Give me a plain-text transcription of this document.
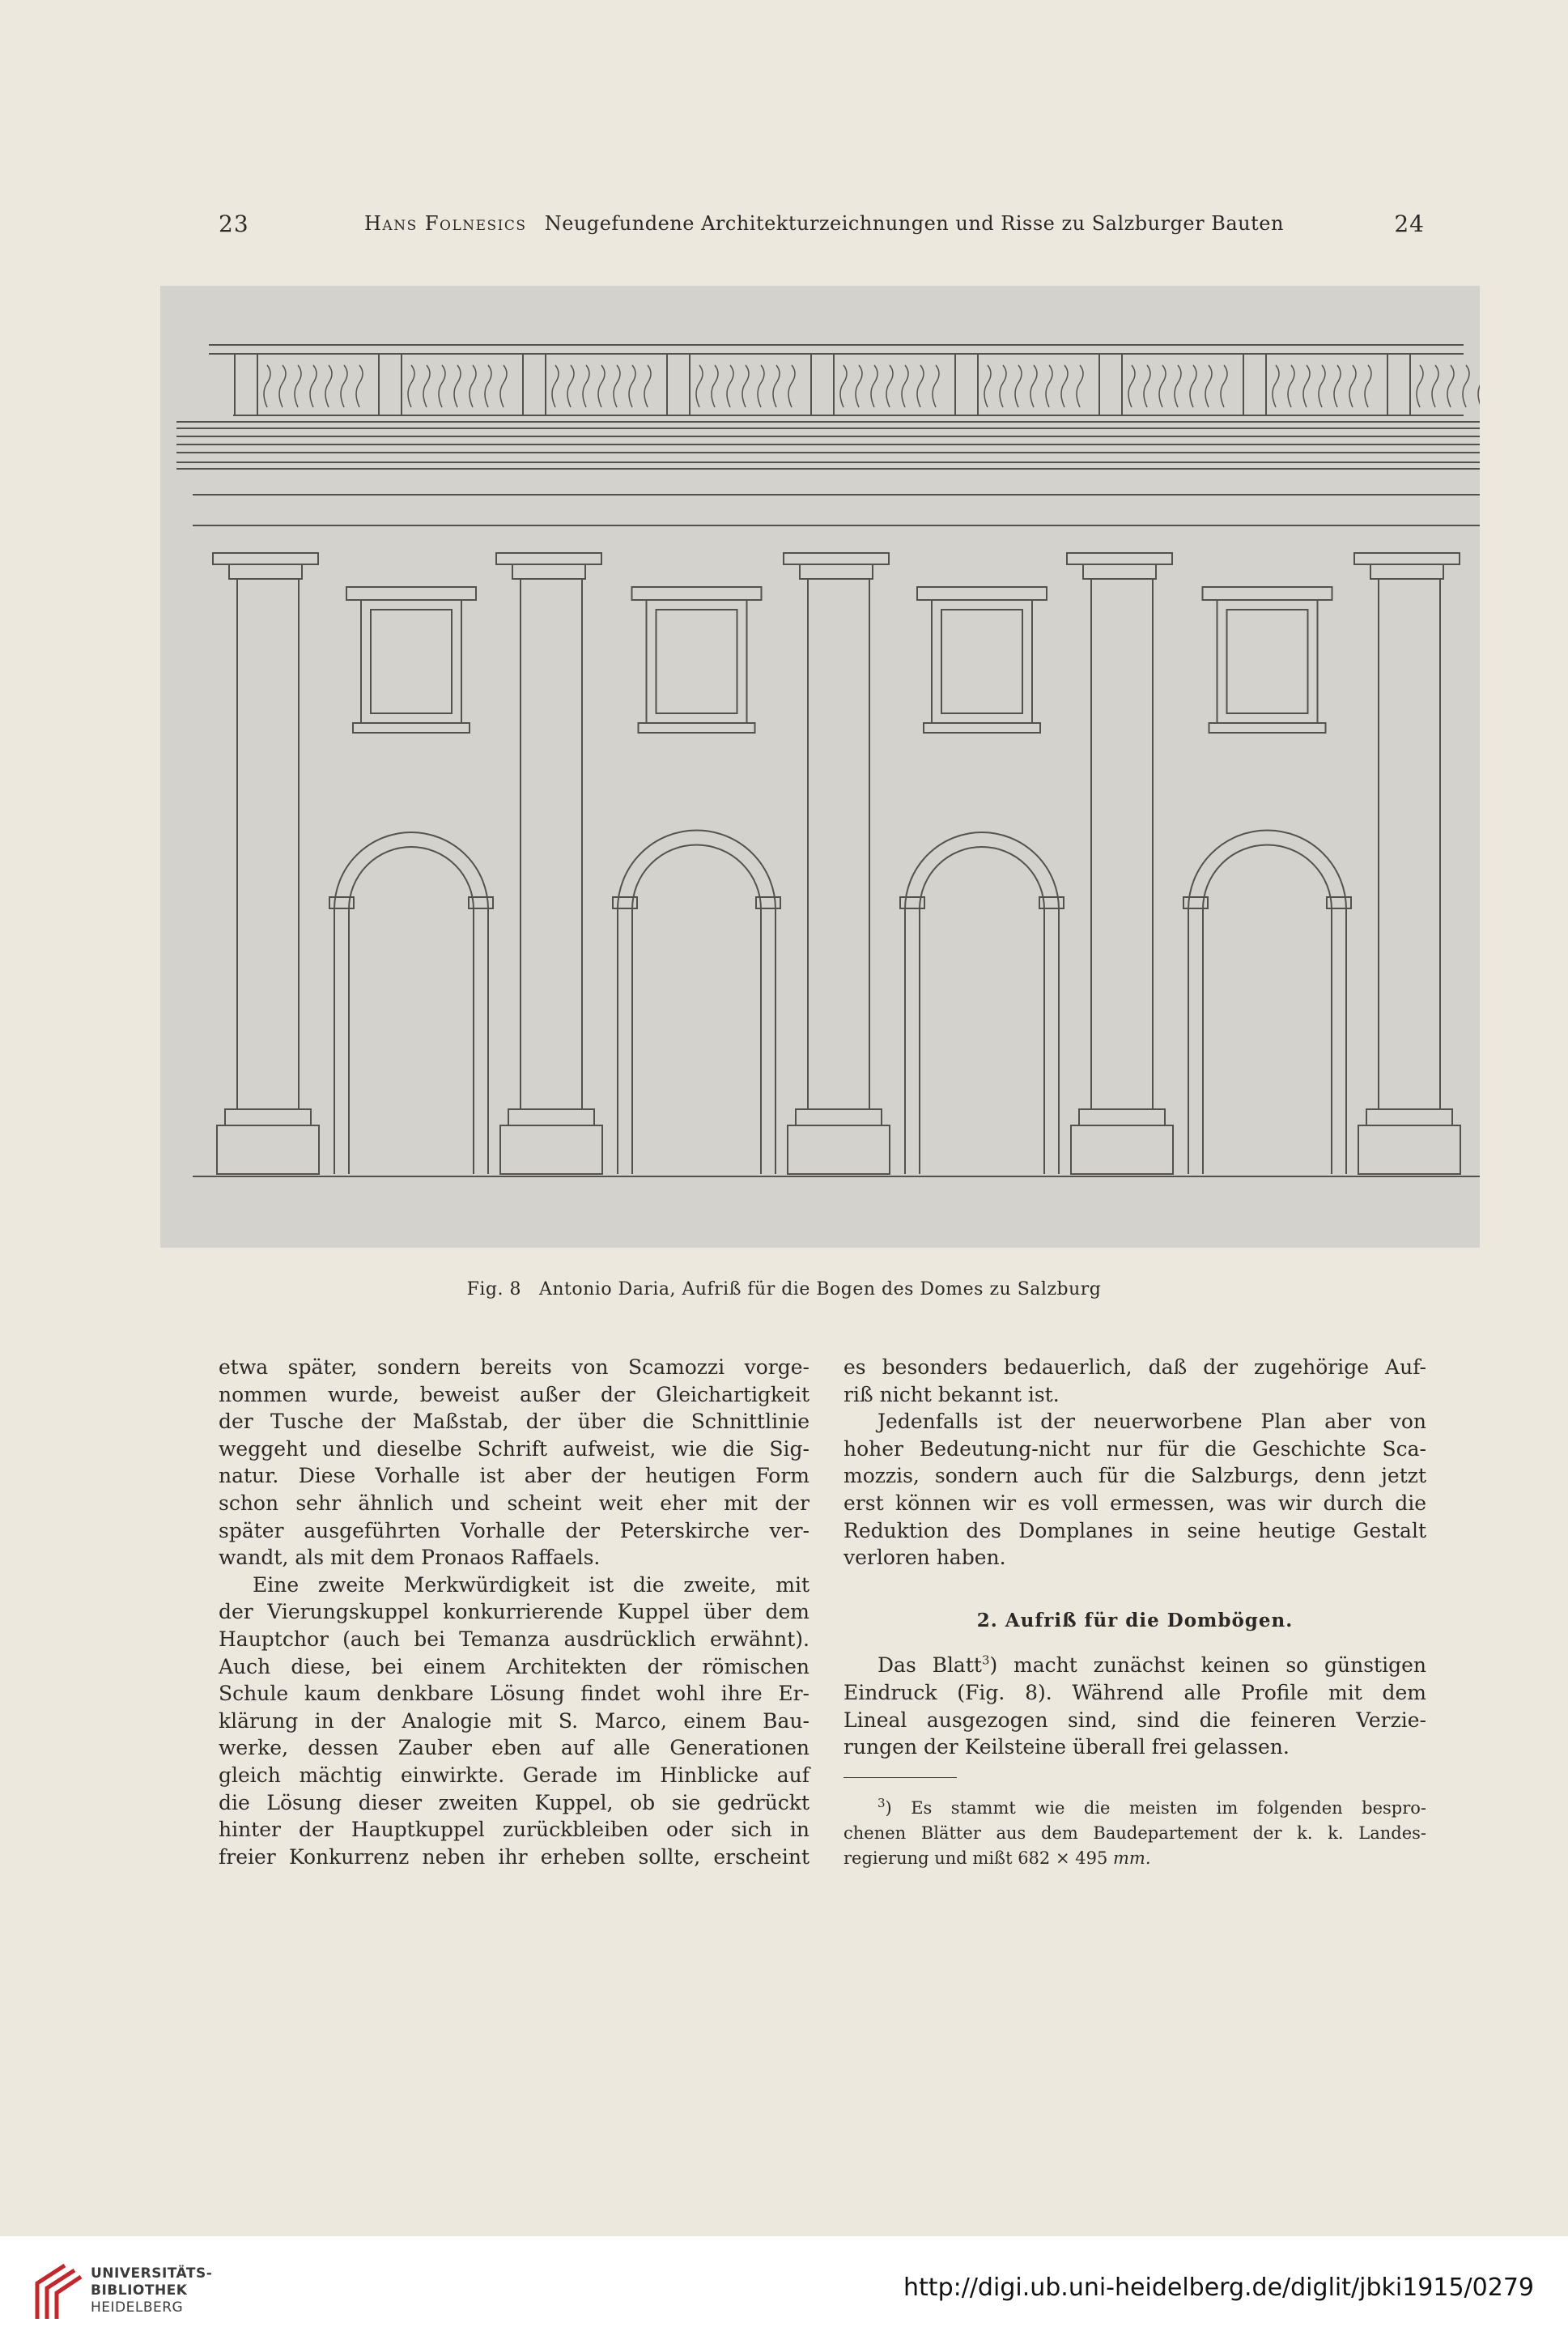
23	Hans Folnesics Neugefundene Architekturzeichnungen und Risse zu Salzburger Bauten	24
Fig. 8 Antonio Daria, Aufriß für die Bogen des Domes zu Salzburg

etwa später, sondern bereits von Scamozzi vorge-
nommen wurde, beweist außer der Gleichartigkeit
der Tusche der Maßstab, der über die Schnittlinie
weggeht und dieselbe Schrift aufweist, wie die Sig-
natur. Diese Vorhalle ist aber der heutigen Form
schon sehr ähnlich und scheint weit eher mit der
später ausgeführten Vorhalle der Peterskirche ver-
wandt, als mit dem Pronaos Raffaels.

Eine zweite Merkwürdigkeit ist die zweite, mit
der Vierungskuppel konkurrierende Kuppel über dem
Hauptchor (auch bei Temanza ausdrücklich erwähnt).
Auch diese, bei einem Architekten der römischen
Schule kaum denkbare Lösung findet wohl ihre Er-
klärung in der Analogie mit S. Marco, einem Bau-
werke, dessen Zauber eben auf alle Generationen
gleich mächtig einwirkte. Gerade im Hinblicke auf
die Lösung dieser zweiten Kuppel, ob sie gedrückt
hinter der Hauptkuppel zurückbleiben oder sich in
freier Konkurrenz neben ihr erheben sollte, erscheint

es besonders bedauerlich, daß der zugehörige Auf-
riß nicht bekannt ist.

Jedenfalls ist der neuerworbene Plan aber von
hoher Bedeutung-nicht nur für die Geschichte Sca-
mozzis, sondern auch für die Salzburgs, denn jetzt
erst können wir es voll ermessen, was wir durch die
Reduktion des Domplanes in seine heutige Gestalt
verloren haben.

2. Aufriß für die Dombögen.

Das Blatt$^3$) macht zunächst keinen so günstigen
Eindruck (Fig. 8). Während alle Profile mit dem
Lineal ausgezogen sind, sind die feineren Verzie-
rungen der Keilsteine überall frei gelassen.

$^3$) Es stammt wie die meisten im folgenden bespro-
chenen Blätter aus dem Baudepartement der k. k. Landes-
regierung und mißt 682 × 495 mm.
UNIVERSITÄTS-
BIBLIOTHEK
HEIDELBERG
http://digi.ub.uni-heidelberg.de/diglit/jbki1915/0279
